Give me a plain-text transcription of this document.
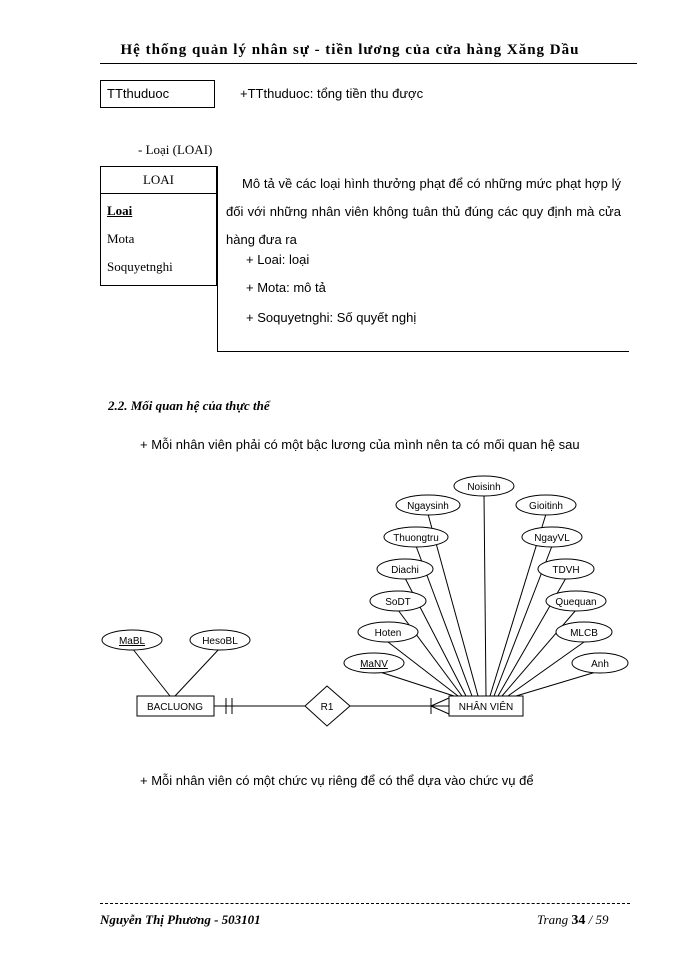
Hệ thống quản lý nhân sự - tiền lương của cửa hàng Xăng Dầu
TTthuduoc	+TTthuduoc: tổng tiền thu được
- Loại (LOAI)
LOAI
Loai
Mota
Soquyetnghi

Mô tả về các loại hình thưởng phạt để có những mức phạt hợp lý đối với những nhân viên không tuân thủ đúng các quy định mà cửa hàng đưa ra

+ Loai: loại
+ Mota: mô tả
+ Soquyetnghi: Số quyết nghị
2.2. Mối quan hệ của thực thể
+ Mỗi nhân viên phải có một bậc lương của mình nên ta có mối quan hệ sau
BACLUONG	R1	NHÂN VIÊN
MaBL	HesoBL
Noisinh
Ngaysinh	Gioitinh
Thuongtru	NgayVL
Diachi	TDVH
SoDT	Quequan
Hoten	MLCB
MaNV	Anh
+ Mỗi nhân viên có một chức vụ riêng để có thể dựa vào chức vụ để
Nguyễn Thị Phương - 503101	Trang 34 / 59
